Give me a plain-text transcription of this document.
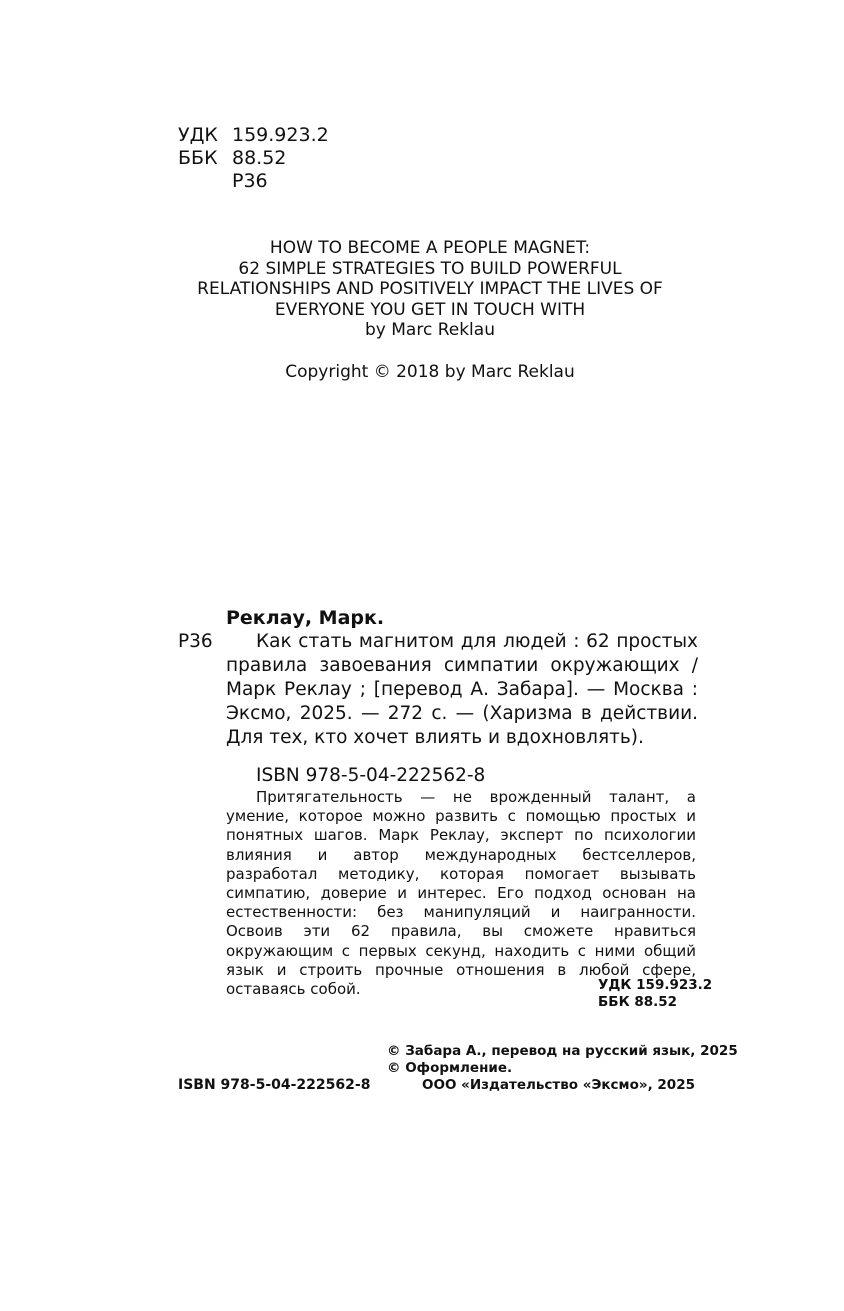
УДК 159.923.2
ББК 88.52
Р36
HOW TO BECOME A PEOPLE MAGNET:
62 SIMPLE STRATEGIES TO BUILD POWERFUL
RELATIONSHIPS AND POSITIVELY IMPACT THE LIVES OF
EVERYONE YOU GET IN TOUCH WITH
by Marc Reklau
Copyright © 2018 by Marc Reklau
Реклау, Марк.
Р36 Как стать магнитом для людей : 62 простых правила завоевания симпатии окружающих / Марк Реклау ; [перевод А. Забара]. — Москва : Эксмо, 2025. — 272 с. — (Харизма в действии. Для тех, кто хочет влиять и вдохновлять).
ISBN 978-5-04-222562-8
Притягательность — не врожденный талант, а умение, которое можно развить с помощью простых и понятных шагов. Марк Реклау, эксперт по психологии влияния и автор международных бестселлеров, разработал методику, которая помогает вызывать симпатию, доверие и интерес. Его подход основан на естественности: без манипуляций и наигранности. Освоив эти 62 правила, вы сможете нравиться окружающим с первых секунд, находить с ними общий язык и строить прочные отношения в любой сфере, оставаясь собой.	УДК 159.923.2
ББК 88.52
© Забара А., перевод на русский язык, 2025
© Оформление.
ISBN 978-5-04-222562-8	ООО «Издательство «Эксмо», 2025
